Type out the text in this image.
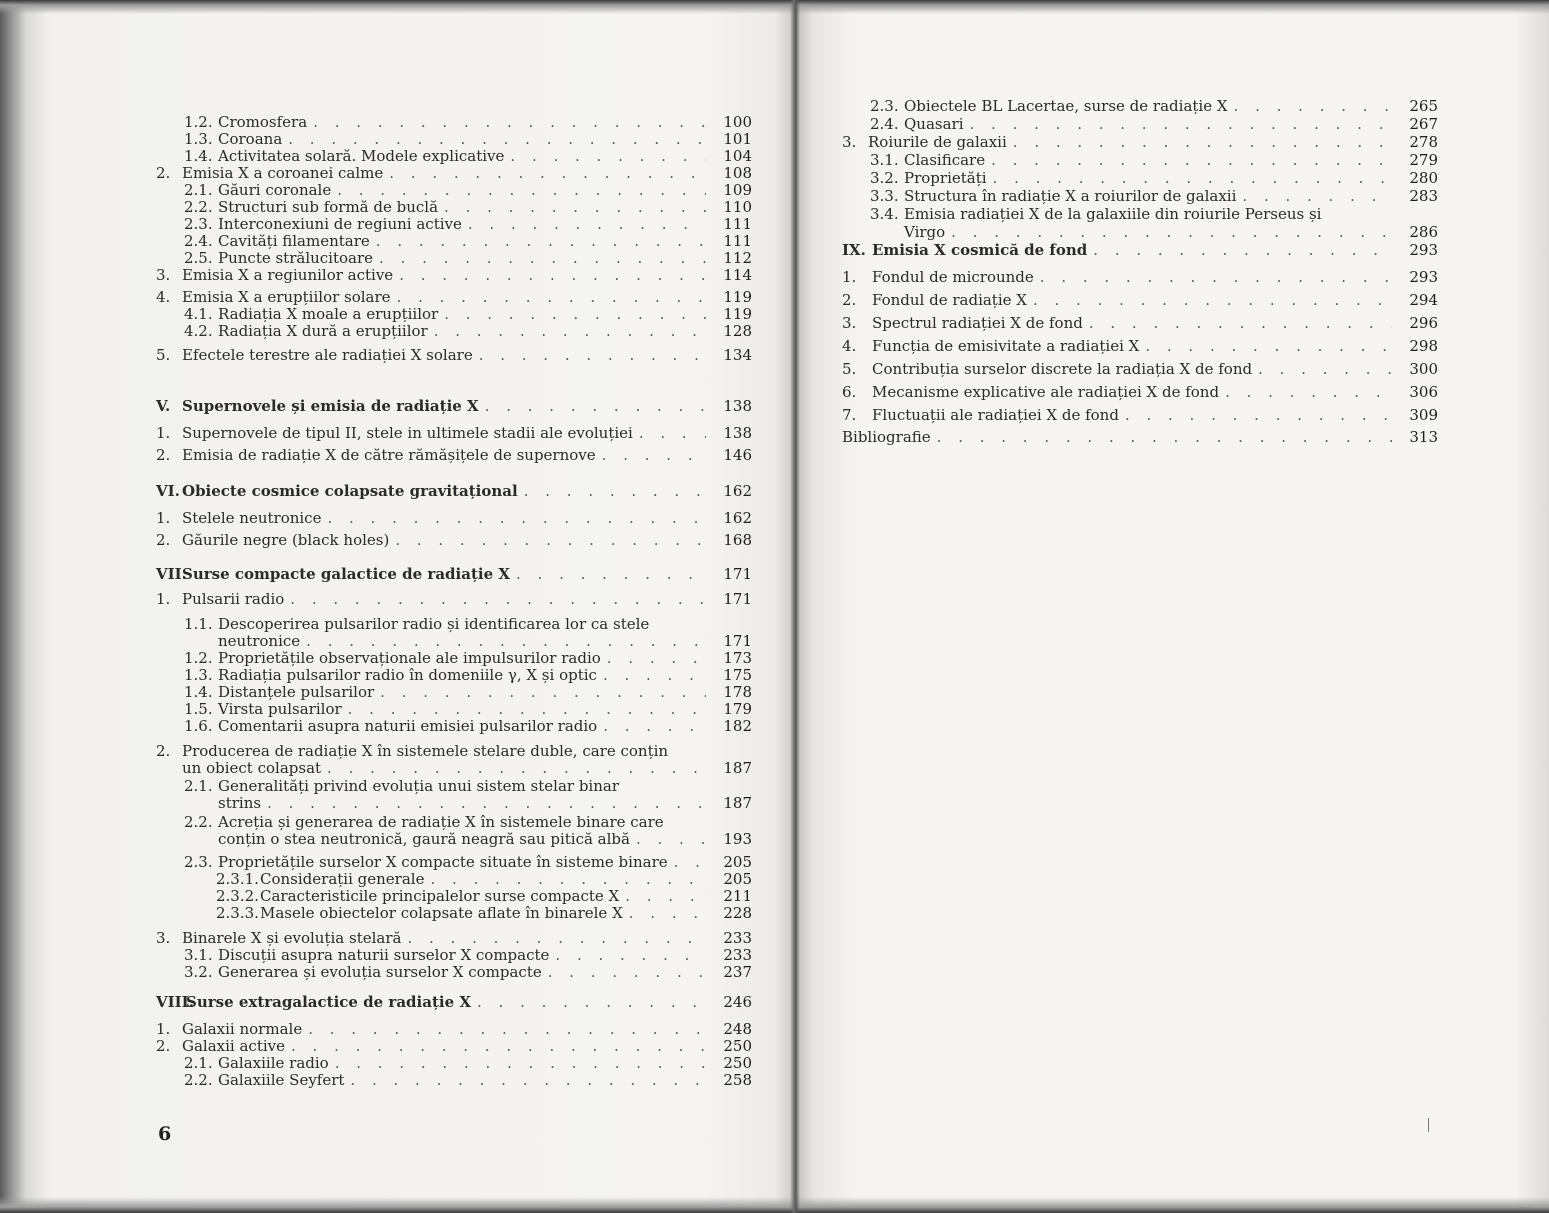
1.2. Cromosfera . . .	100
1.3. Coroana . . .	101
1.4. Activitatea solară. Modele explicative . . .	104
2. Emisia X a coroanei calme . . .	108
2.1. Găuri coronale . . .	109
2.2. Structuri sub formă de buclă . . .	110
2.3. Interconexiuni de regiuni active . . .	111
2.4. Cavități filamentare . . .	111
2.5. Puncte strălucitoare . . .	112
3. Emisia X a regiunilor active . . .	114
4. Emisia X a erupțiilor solare . . .	119
4.1. Radiația X moale a erupțiilor . . .	119
4.2. Radiația X dură a erupțiilor . . .	128
5. Efectele terestre ale radiației X solare . . .	134
V. Supernovele și emisia de radiație X . . .	138
1. Supernovele de tipul II, stele in ultimele stadii ale evoluției . . .	138
2. Emisia de radiație X de către rămășițele de supernove . . .	146
VI. Obiecte cosmice colapsate gravitațional . . .	162
1. Stelele neutronice . . .	162
2. Găurile negre (black holes) . . .	168
VII.
Surse compacte galactice de radiație X . . .	171
1. Pulsarii radio . . .	171
1.1. Descoperirea pulsarilor radio și identificarea lor ca stele
neutronice . . .	171
1.2. Proprietățile observaționale ale impulsurilor radio . . .	173
1.3. Radiația pulsarilor radio în domeniile γ, X și optic . . .	175
1.4. Distanțele pulsarilor . . .	178
1.5. Virsta pulsarilor . . .	179
1.6. Comentarii asupra naturii emisiei pulsarilor radio . . .	182
2. Producerea de radiație X în sistemele stelare duble, care conțin
un obiect colapsat . . .	187
2.1. Generalități privind evoluția unui sistem stelar binar
strins . . .	187
2.2. Acreția și generarea de radiație X în sistemele binare care
conțin o stea neutronică, gaură neagră sau pitică albă . . .	193
2.3. Proprietățile surselor X compacte situate în sisteme binare . . .	205
2.3.1. Considerații generale . . .	205
2.3.2. Caracteristicile principalelor surse compacte X . . .	211
2.3.3. Masele obiectelor colapsate aflate în binarele X . . .	228
3. Binarele X și evoluția stelară . . .	233
3.1. Discuții asupra naturii surselor X compacte . . .	233
3.2. Generarea și evoluția surselor X compacte . . .	237
VIII.
Surse extragalactice de radiație X . . .	246
1. Galaxii normale . . .	248
2. Galaxii active . . .	250
2.1. Galaxiile radio . . .	250
2.2. Galaxiile Seyfert . . .	258
6
2.3. Obiectele BL Lacertae, surse de radiație X . . .	265
2.4. Quasari . . .	267
3. Roiurile de galaxii . . .	278
3.1. Clasificare . . .	279
3.2. Proprietăți . . .	280
3.3. Structura în radiație X a roiurilor de galaxii . . .	283
3.4. Emisia radiației X de la galaxiile din roiurile Perseus și
Virgo . . .	286
IX. Emisia X cosmică de fond . . .	293
1.	Fondul de microunde . . .	293
2.	Fondul de radiație X . . .	294
3.	Spectrul radiației X de fond . . .	296
4.	Funcția de emisivitate a radiației X . . .	298
5.	Contribuția surselor discrete la radiația X de fond . . .	300
6.	Mecanisme explicative ale radiației X de fond . . .	306
7.	Fluctuații ale radiației X de fond . . .	309
Bibliografie . . .	313
